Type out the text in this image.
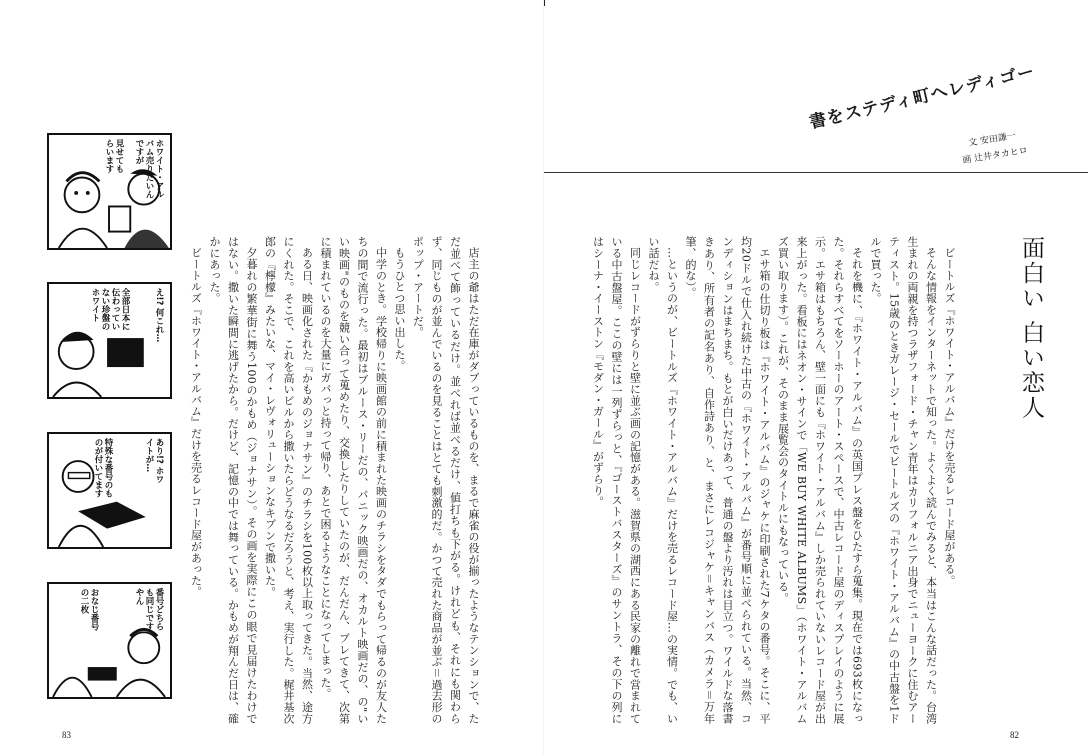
書をステディ町へレディゴー
文 安田謙一
画 辻井タカヒロ
面白い 白い恋人

ビートルズ『ホワイト・アルバム』だけを売るレコード屋がある。

そんな情報をインターネットで知った。よくよく読んでみると、本当はこんな話だった。台湾生まれの両親を持つラザフォード・チャン青年はカリフォルニア出身でニューヨークに住むアーティスト。15歳のときガレージ・セールでビートルズの『ホワイト・アルバム』の中古盤を1ドルで買った。

それを機に、『ホワイト・アルバム』の英国プレス盤をひたすら蒐集。現在では693枚になった。それらすべてをソーホーのアート・スペースで、中古レコード屋のディスプレイのように展示。エサ箱はもちろん、壁一面にも『ホワイト・アルバム』しか売られていないレコード屋が出来上がった。看板にはネオン・サインで「WE BUY WHITE ALBUMS」（ホワイト・アルバムズ買い取ります）。これが、そのまま展覧会のタイトルにもなっている。

エサ箱の仕切り板は『ホワイト・アルバム』のジャケに印刷された7ケタの番号。そこに、平均20ドルで仕入れ続けた中古の『ホワイト・アルバム』が番号順に並べられている。当然、コンディションはまちまち。もとが白いだけあって、普通の盤より汚れは目立つ。ワイルドな落書きあり、所有者の記名あり、自作詩あり、と、まさにレコジャケ＝キャンバス（カメラ＝万年筆、的な）。

…というのが、ビートルズ『ホワイト・アルバム』だけを売るレコード屋…の実情。でも、いい話だね。

同じレコードがずらりと壁に並ぶ画の記憶がある。滋賀県の湖西にある民家の離れで営まれている中古盤屋。ここの壁には一列ずらっと、『ゴーストバスターズ』のサントラ、その下の列にはシーナ・イーストン『モダン・ガール』がずらり。

店主の爺はただ在庫がダブっているものを、まるで麻雀の役が揃ったようなテンションで、ただ並べて飾っているだけ。並べれば並べるだけ、値打ちも下がる。けれども、それにも関わらず、同じものが並んでいるのを見ることはとても刺激的だ。かつて売れた商品が並ぶ＝過去形のポップ・アートだ。

もうひとつ思い出した。

中学のとき。学校帰りに映画館の前に積まれた映画のチラシをタダでもらって帰るのが友人たちの間で流行った。最初はブルース・リーだの、パニック映画だの、オカルト映画だの、の"いい映画"のものを競い合って蒐めたり、交換したりしていたのが、だんだん、ブレてきて、次第に積まれているのを大量にガバっと持って帰り、あとで困るようなことになってしまった。

ある日、映画化された『かもめのジョナサン』のチラシを100枚以上取ってきた。当然、途方にくれた。そこで、これを高いビルから撒いたらどうなるだろうと、考え、実行した。梶井基次郎の『檸檬』みたいな、マイ・レヴォリューションなキブンで撒いた。

夕暮れの繁華街に舞う100のかもめ（ジョナサン）。その画を実際にこの眼で見届けたわけではない。撒いた瞬間に逃げたから。だけど、記憶の中では舞っている。かもめが翔んだ日は、確かにあった。

ビートルズ『ホワイト・アルバム』だけを売るレコード屋があった。

ホワイト・アルバム売りたいんですが
見せてもらいます
え!? 何これ…
全部日本に伝わっていない珍盤のホワイト
特殊な番号のものが付いてます	あり!? ホワイトが…
番号どちらも同じですやん
おなじ番号の二枚
83	82
